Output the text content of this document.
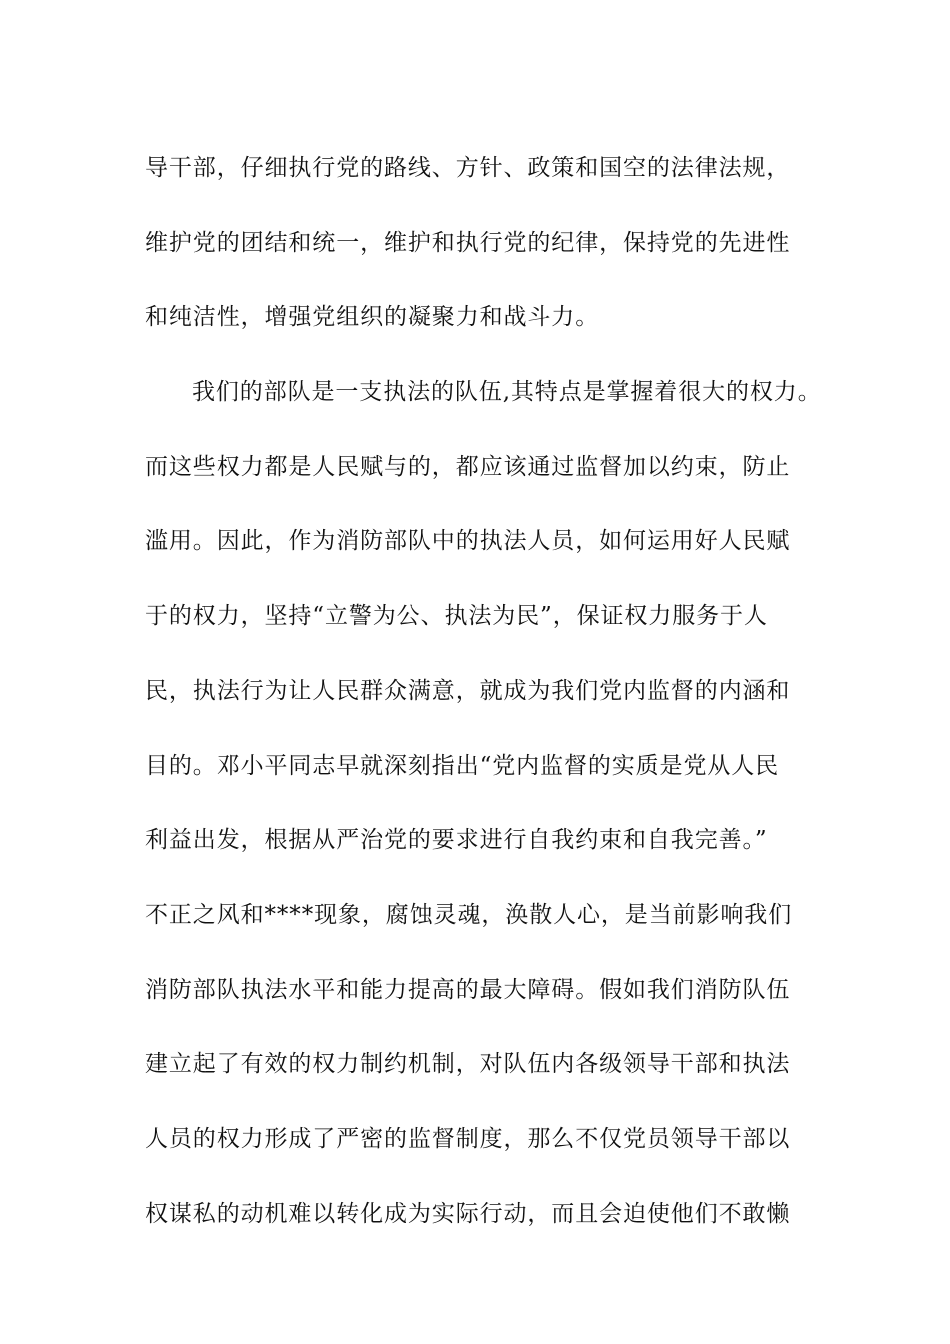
导干部，仔细执行党的路线、方针、政策和国空的法律法规，
维护党的团结和统一，维护和执行党的纪律，保持党的先进性
和纯洁性，增强党组织的凝聚力和战斗力。
我们的部队是一支执法的队伍,其特点是掌握着很大的权力。
而这些权力都是人民赋与的，都应该通过监督加以约束，防止
滥用。因此，作为消防部队中的执法人员，如何运用好人民赋
于的权力，坚持“立警为公、执法为民”，保证权力服务于人
民，执法行为让人民群众满意，就成为我们党内监督的内涵和
目的。邓小平同志早就深刻指出“党内监督的实质是党从人民
利益出发，根据从严治党的要求进行自我约束和自我完善。”
不正之风和****现象，腐蚀灵魂，涣散人心，是当前影响我们
消防部队执法水平和能力提高的最大障碍。假如我们消防队伍
建立起了有效的权力制约机制，对队伍内各级领导干部和执法
人员的权力形成了严密的监督制度，那么不仅党员领导干部以
权谋私的动机难以转化成为实际行动，而且会迫使他们不敢懒
